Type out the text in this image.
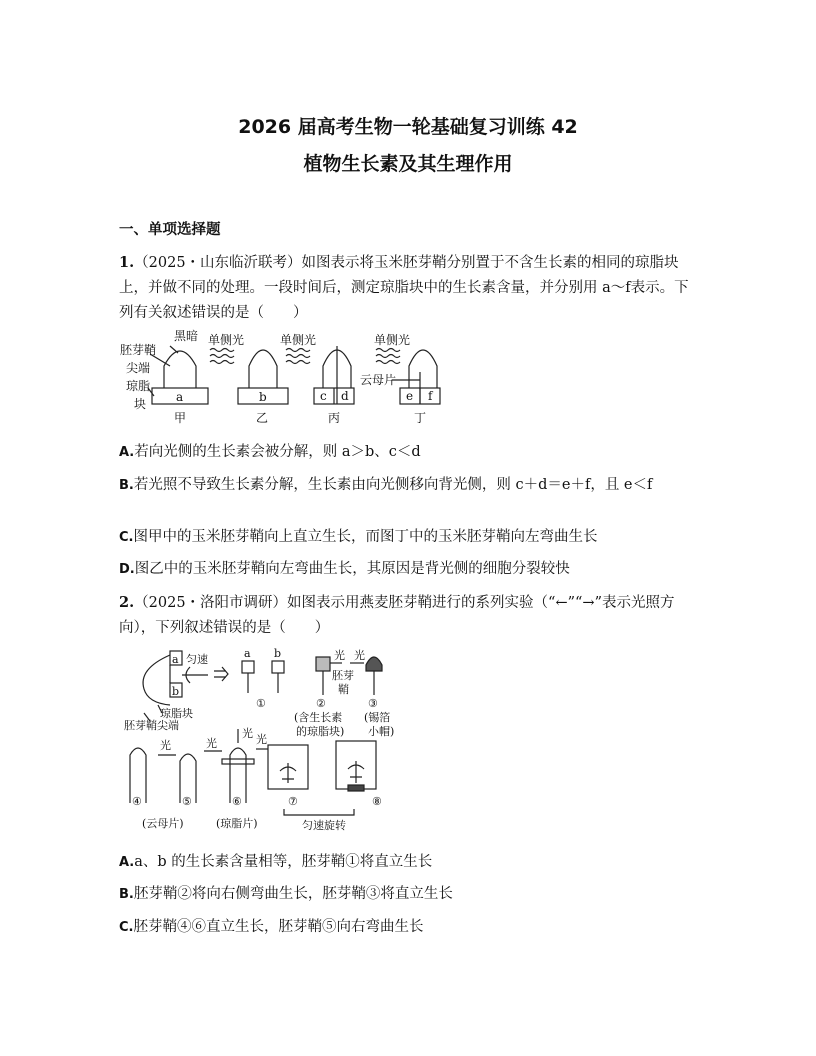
2026 届高考生物一轮基础复习训练 42
植物生长素及其生理作用
一、单项选择题
1.（2025・山东临沂联考）如图表示将玉米胚芽鞘分别置于不含生长素的相同的琼脂块上，并做不同的处理。一段时间后，测定琼脂块中的生长素含量，并分别用 a～f表示。下列有关叙述错误的是（　　）
黑暗
胚芽鞘
尖端
琼脂
块
单侧光	单侧光	单侧光
云母片
a	b	c d	e f
甲	乙	丙	丁
A.若向光侧的生长素会被分解，则 a＞b、c＜d
B.若光照不导致生长素分解，生长素由向光侧移向背光侧，则 c＋d＝e＋f，且 e＜f
C.图甲中的玉米胚芽鞘向上直立生长，而图丁中的玉米胚芽鞘向左弯曲生长
D.图乙中的玉米胚芽鞘向左弯曲生长，其原因是背光侧的细胞分裂较快
2.（2025・洛阳市调研）如图表示用燕麦胚芽鞘进行的系列实验（“←”“→”表示光照方向），下列叙述错误的是（　　）
a
b
匀速
琼脂块
胚芽鞘尖端
a b	光 光
胚芽
鞘
①	②	③
(含生长素
的琼脂块)
(锡箔
小帽)
光	光
光 光
④	⑤	⑥	⑦	⑧
(云母片)	(琼脂片)	匀速旋转
A.a、b 的生长素含量相等，胚芽鞘①将直立生长
B.胚芽鞘②将向右侧弯曲生长，胚芽鞘③将直立生长
C.胚芽鞘④⑥直立生长，胚芽鞘⑤向右弯曲生长
